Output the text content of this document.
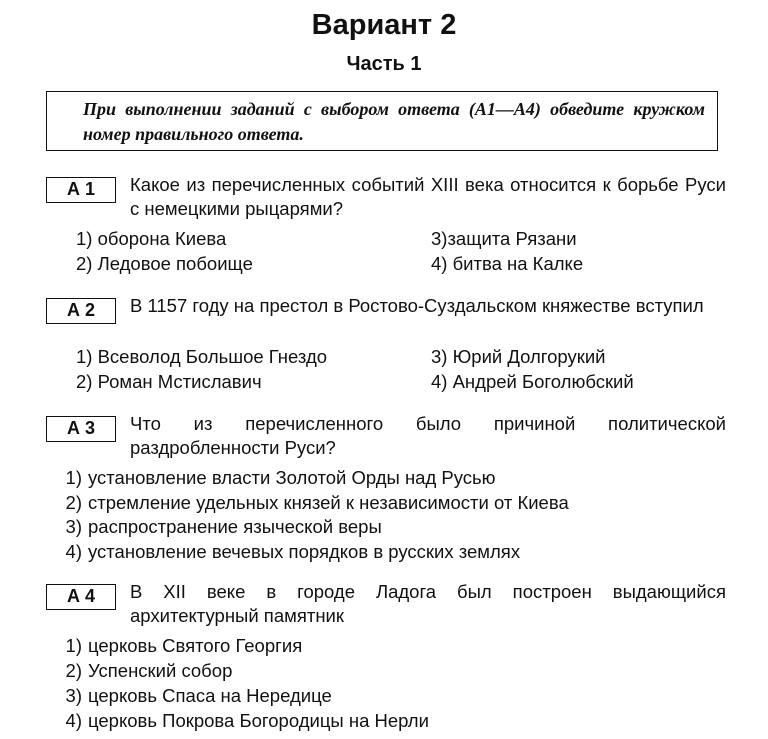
Вариант 2
Часть 1
При выполнении заданий с выбором ответа (А1—А4) обведите кружком номер правильного ответа.
А 1	Какое из перечисленных событий XIII века относится к борьбе Руси с немецкими рыцарями?
1) оборона Киева	3)защита Рязани
2) Ледовое побоище	4) битва на Калке
А 2	В 1157 году на престол в Ростово-Суздальском княжестве вступил
1) Всеволод Большое Гнездо	3) Юрий Долгорукий
2) Роман Мстиславич	4) Андрей Боголюбский
А 3	Что из перечисленного было причиной политической раздробленности Руси?
1) установление власти Золотой Орды над Русью
2) стремление удельных князей к независимости от Киева
3) распространение языческой веры
4) установление вечевых порядков в русских землях
А 4	В XII веке в городе Ладога был построен выдающийся архитектурный памятник
1) церковь Святого Георгия
2) Успенский собор
3) церковь Спаса на Нередице
4) церковь Покрова Богородицы на Нерли
